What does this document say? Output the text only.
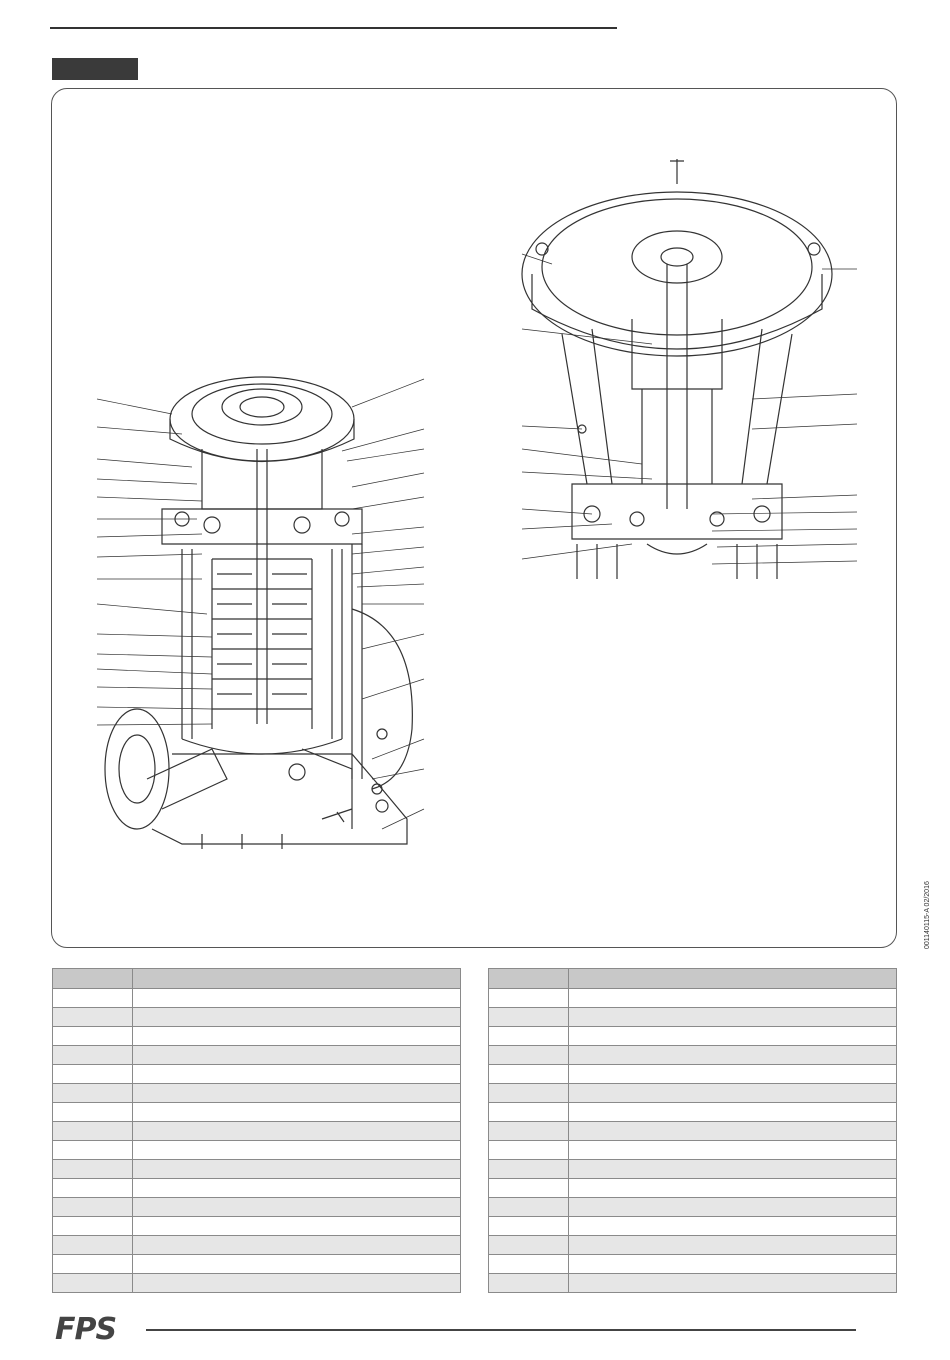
001140115-A 02/2016

FPS
